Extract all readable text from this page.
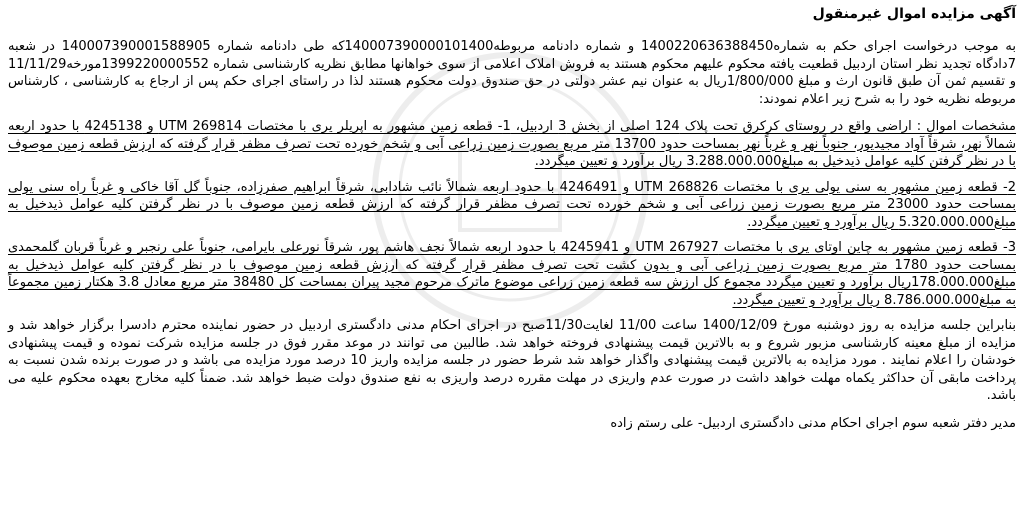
آگهی مزایده اموال غیرمنقول

به موجب درخواست اجرای حکم به شماره1400220636388450 و شماره دادنامه مربوطه140007390000101400که طی دادنامه شماره 140007390001588905 در شعبه 7دادگاه تجدید نظر استان اردبیل قطعیت یافته محکوم علیهم محکوم هستند به فروش املاک اعلامی از سوی خواهانها مطابق نظریه کارشناسی شماره 1399220000552مورخه11/11/29 و تقسیم ثمن آن طبق قانون ارث و مبلغ 1/800/000ریال به عنوان نیم عشر دولتی در حق صندوق دولت محکوم هستند لذا در راستای اجرای حکم پس از ارجاع به کارشناسی ، کارشناس مربوطه نظریه خود را به شرح زیر اعلام نمودند:

مشخصات اموال : اراضی واقع در روستای کرکرق تحت پلاک 124 اصلی از بخش 3 اردبیل، 1- قطعه زمین مشهور به اپریلر یری با مختصات UTM 269814 و 4245138 با حدود اربعه شمالاً نهر، شرقاً آواد مجیدیور، جنوباً نهر و غرباً نهر بمساحت حدود 13700 متر مربع بصورت زمین زراعی آبی و شخم خورده تحت تصرف مظفر قرار گرفته که ارزش قطعه زمین موصوف با در نظر گرفتن کلیه عوامل ذیدخیل به مبلغ3.288.000.000 ریال برآورد و تعیین میگردد.

2- قطعه زمین مشهور به سنی یولی یری با مختصات UTM 268826 و 4246491 با حدود اربعه شمالاً نائب شادابی، شرقاً ابراهیم صفرزاده، جنوباً گل آقا خاکی و غرباً راه سنی یولی بمساحت حدود 23000 متر مربع بصورت زمین زراعی آبی و شخم خورده تحت تصرف مظفر قرار گرفته که ارزش قطعه زمین موصوف با در نظر گرفتن کلیه عوامل ذیدخیل به مبلغ5.320.000.000 ریال برآورد و تعیین میگردد.

3- قطعه زمین مشهور به چاین اوتای یری با مختصات UTM 267927 و 4245941 با حدود اربعه شمالاً نجف هاشم پور، شرقاً نورعلی بایرامی، جنوباً علی رنجبر و غرباً قربان گلمحمدی بمساحت حدود 1780 متر مربع بصورت زمین زراعی آبی و بدون کشت تحت تصرف مظفر قرار گرفته که ارزش قطعه زمین موصوف با در نظر گرفتن کلیه عوامل ذیدخیل به مبلغ178.000.000ریال برآورد و تعیین میگردد مجموع کل ارزش سه قطعه زمین زراعی موضوع ماترک مرحوم مجید پیران بمساحت کل 38480 متر مربع معادل 3.8 هکتار زمین مجموعاً به مبلغ8.786.000.000 ریال برآورد و تعیین میگردد.

بنابراین جلسه مزایده به روز دوشنبه مورخ 1400/12/09 ساعت 11/00 لغایت11/30صبح در اجرای احکام مدنی دادگستری اردبیل در حضور نماینده محترم دادسرا برگزار خواهد شد و مزایده از مبلغ معینه کارشناسی مزبور شروع و به بالاترین قیمت پیشنهادی فروخته خواهد شد. طالبین می توانند در موعد مقرر فوق در جلسه مزایده شرکت نموده و قیمت پیشنهادی خودشان را اعلام نمایند . مورد مزایده به بالاترین قیمت پیشنهادی واگذار خواهد شد شرط حضور در جلسه مزایده واریز 10 درصد مورد مزایده می باشد و در صورت برنده شدن نسبت به پرداخت مابقی آن حداکثر یکماه مهلت خواهد داشت در صورت عدم واریزی در مهلت مقرره درصد واریزی به نفع صندوق دولت ضبط خواهد شد. ضمناً کلیه مخارج بعهده محکوم علیه می باشد.

مدیر دفتر شعبه سوم اجرای احکام مدنی دادگستری اردبیل- علی رستم زاده
